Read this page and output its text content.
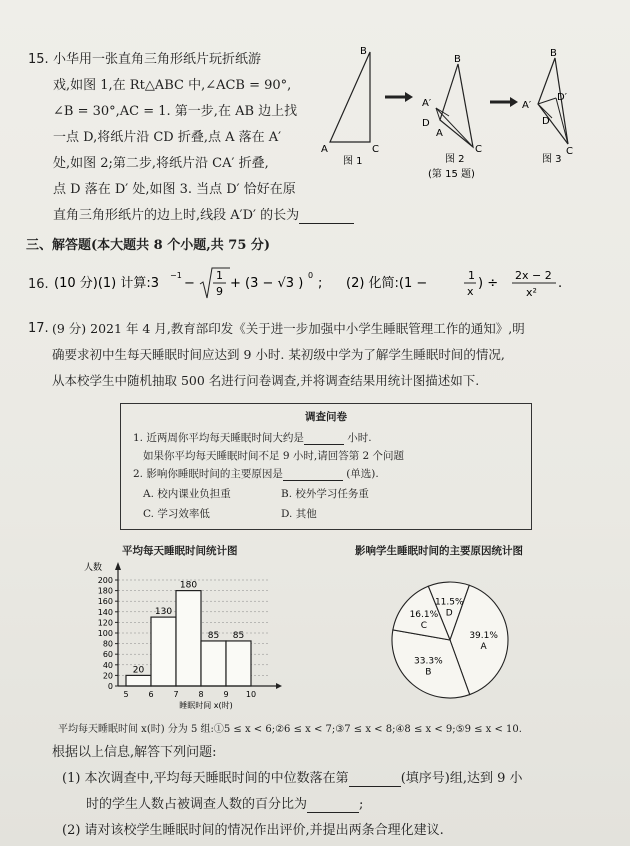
15. 小华用一张直角三角形纸片玩折纸游
戏,如图 1,在 Rt△ABC 中,∠ACB = 90°,
∠B = 30°,AC = 1. 第一步,在 AB 边上找
一点 D,将纸片沿 CD 折叠,点 A 落在 A′
处,如图 2;第二步,将纸片沿 CA′ 折叠,
点 D 落在 D′ 处,如图 3. 当点 D′ 恰好在原
直角三角形纸片的边上时,线段 A′D′ 的长为
A
B
C
图 1
B
A′
D
A
C
图 2
(第 15 题)
B
A′
D′
D
C
图 3
三、解答题(本大题共 8 个小题,共 75 分)
16. (10 分)(1) 计算:3
−1
−
1
9
+ (3 − √3 )
0
; (2) 化简:(1 −
1
x
) ÷
2x − 2
x²
.
17. (9 分) 2021 年 4 月,教育部印发《关于进一步加强中小学生睡眠管理工作的通知》,明
确要求初中生每天睡眠时间应达到 9 小时. 某初级中学为了解学生睡眠时间的情况,
从本校学生中随机抽取 500 名进行问卷调查,并将调查结果用统计图描述如下.
调查问卷
1. 近两周你平均每天睡眠时间大约是	小时.
如果你平均每天睡眠时间不足 9 小时,请回答第 2 个问题
2. 影响你睡眠时间的主要原因是	(单选).
A. 校内课业负担重	B. 校外学习任务重
C. 学习效率低	D. 其他
平均每天睡眠时间统计图	影响学生睡眠时间的主要原因统计图
20
130
180
85 85
0
20
40
60
80
100
120
140
160
180
200
人数
5 6 7 8 9 10
睡眠时间 x(时)
11.5%
D
39.1%
A
33.3%
B
16.1%
C
平均每天睡眠时间 x(时) 分为 5 组:①5 ≤ x < 6;②6 ≤ x < 7;③7 ≤ x < 8;④8 ≤ x < 9;⑤9 ≤ x < 10.
根据以上信息,解答下列问题:
(1) 本次调查中,平均每天睡眠时间的中位数落在第	(填序号)组,达到 9 小
时的学生人数占被调查人数的百分比为	;
(2) 请对该校学生睡眠时间的情况作出评价,并提出两条合理化建议.
